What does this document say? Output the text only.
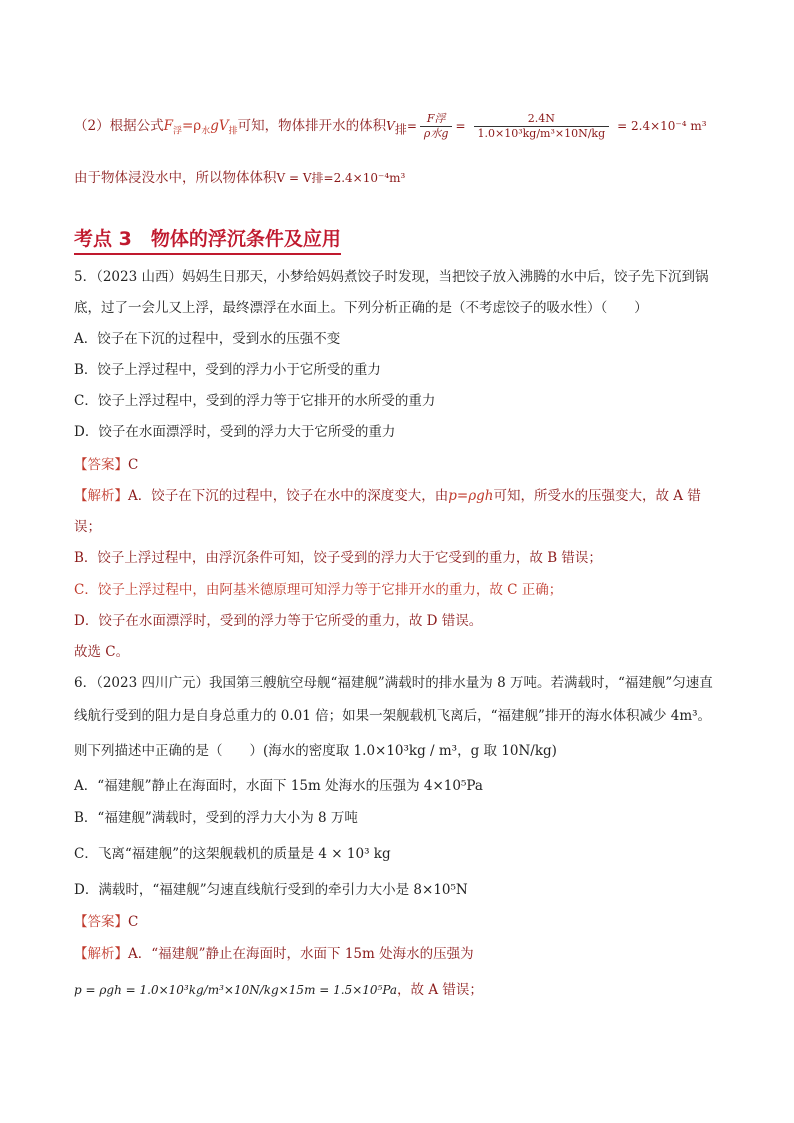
（2）根据公式$F_浮=\rho_水gV_排$可知，物体排开水的体积$V_排= \frac{\text{F浮}}{\text{ρ水g}} = \frac{2.4N}{\text{1.0×10³kg/m³×10N/kg}} = 2.4\times 10^{-4}$ m³
由于物体浸没水中，所以物体体积V = V排=2.4×10⁻⁴m³
考点 3　物体的浮沉条件及应用
5．（2023 山西）妈妈生日那天，小梦给妈妈煮饺子时发现，当把饺子放入沸腾的水中后，饺子先下沉到锅
底，过了一会儿又上浮，最终漂浮在水面上。下列分析正确的是（不考虑饺子的吸水性）（　　）
A．饺子在下沉的过程中，受到水的压强不变
B．饺子上浮过程中，受到的浮力小于它所受的重力
C．饺子上浮过程中，受到的浮力等于它排开的水所受的重力
D．饺子在水面漂浮时，受到的浮力大于它所受的重力
【答案】C
【解析】A．饺子在下沉的过程中，饺子在水中的深度变大，由p=ρgh可知，所受水的压强变大，故 A 错
误；
B．饺子上浮过程中，由浮沉条件可知，饺子受到的浮力大于它受到的重力，故 B 错误；
C．饺子上浮过程中，由阿基米德原理可知浮力等于它排开水的重力，故 C 正确；
D．饺子在水面漂浮时，受到的浮力等于它所受的重力，故 D 错误。
故选 C。
6．（2023 四川广元）我国第三艘航空母舰“福建舰”满载时的排水量为 8 万吨。若满载时，“福建舰”匀速直
线航行受到的阻力是自身总重力的 0.01 倍；如果一架舰载机飞离后，“福建舰”排开的海水体积减少 4m³。
则下列描述中正确的是（　　）(海水的密度取 1.0×10³kg / m³，g 取 10N/kg)
A．“福建舰”静止在海面时，水面下 15m 处海水的压强为 4×10⁵Pa
B．“福建舰”满载时，受到的浮力大小为 8 万吨
C．飞离“福建舰”的这架舰载机的质量是 4 × 10³ kg
D．满载时，“福建舰”匀速直线航行受到的牵引力大小是 8×10⁵N
【答案】C
【解析】A．“福建舰”静止在海面时，水面下 15m 处海水的压强为
p = ρgh = 1.0×10³kg/m³×10N/kg×15m = 1.5×10⁵Pa，故 A 错误；
